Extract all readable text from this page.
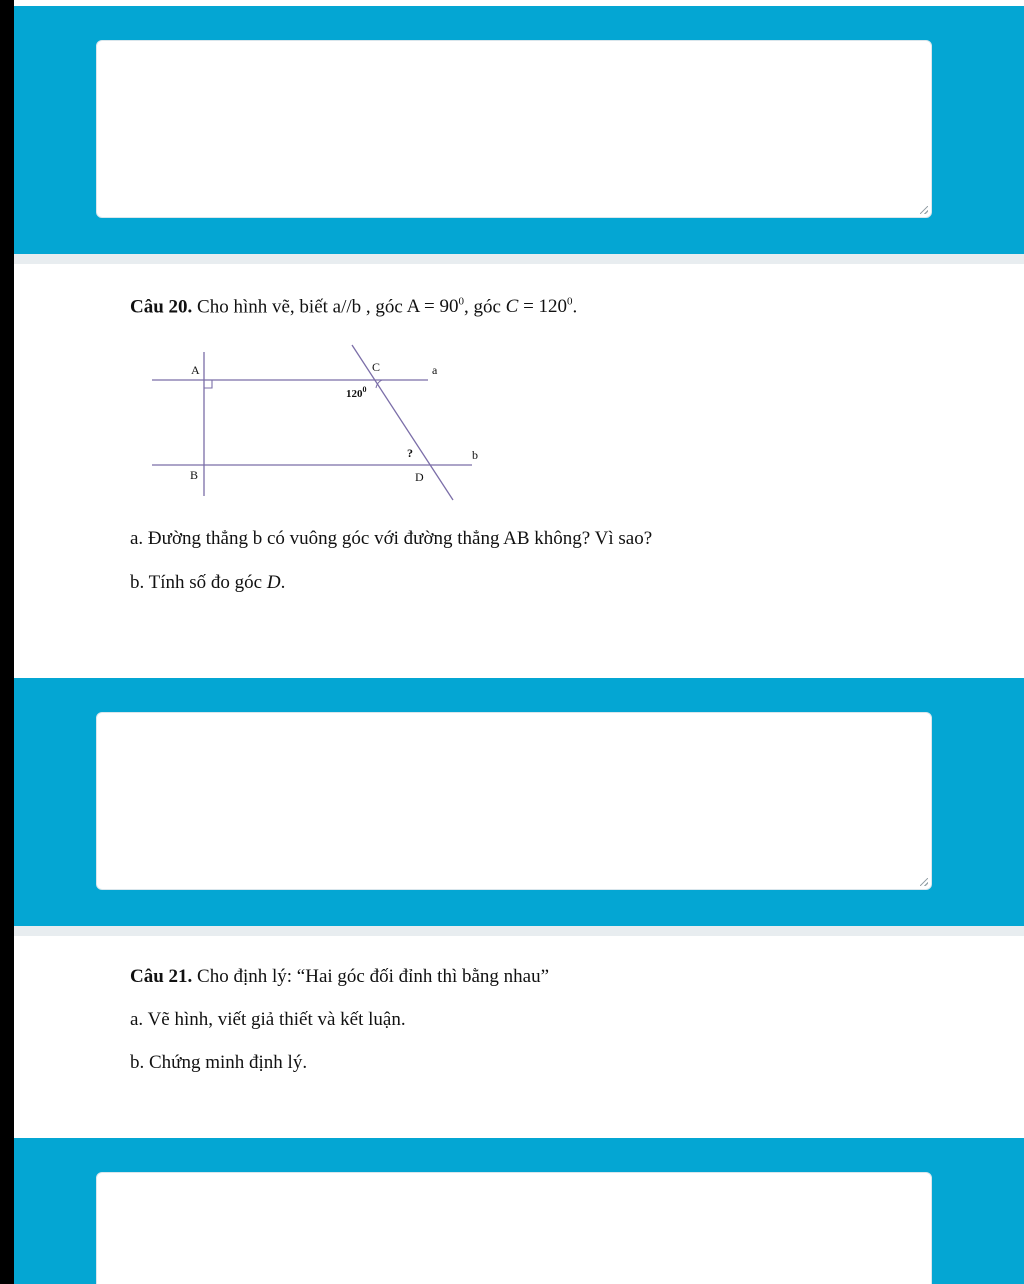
Câu 20. Cho hình vẽ, biết a//b , góc $A = 90^0$, góc $C = 120^0$.

A
B
C	a
b
D
?
$120^0$

a. Đường thẳng b có vuông góc với đường thẳng AB không? Vì sao?

b. Tính số đo góc D.

Câu 21. Cho định lý: “Hai góc đối đỉnh thì bằng nhau”

a. Vẽ hình, viết giả thiết và kết luận.

b. Chứng minh định lý.
